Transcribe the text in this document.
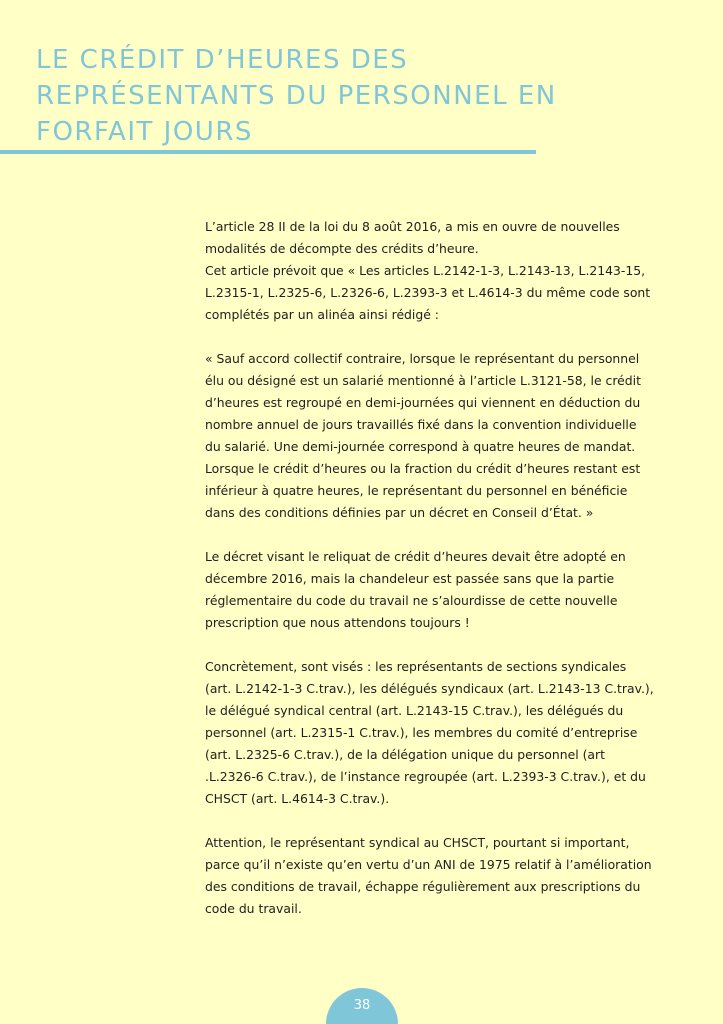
LE CRÉDIT D’HEURES DES
REPRÉSENTANTS DU PERSONNEL EN
FORFAIT JOURS

L’article 28 II de la loi du 8 août 2016, a mis en ouvre de nouvelles
modalités de décompte des crédits d’heure.
Cet article prévoit que « Les articles L.2142-1-3, L.2143-13, L.2143-15,
L.2315-1, L.2325-6, L.2326-6, L.2393-3 et L.4614-3 du même code sont
complétés par un alinéa ainsi rédigé :

« Sauf accord collectif contraire, lorsque le représentant du personnel
élu ou désigné est un salarié mentionné à l’article L.3121-58, le crédit
d’heures est regroupé en demi-journées qui viennent en déduction du
nombre annuel de jours travaillés fixé dans la convention individuelle
du salarié. Une demi-journée correspond à quatre heures de mandat.
Lorsque le crédit d’heures ou la fraction du crédit d’heures restant est
inférieur à quatre heures, le représentant du personnel en bénéficie
dans des conditions définies par un décret en Conseil d’État. »

Le décret visant le reliquat de crédit d’heures devait être adopté en
décembre 2016, mais la chandeleur est passée sans que la partie
réglementaire du code du travail ne s’alourdisse de cette nouvelle
prescription que nous attendons toujours !

Concrètement, sont visés : les représentants de sections syndicales
(art. L.2142-1-3 C.trav.), les délégués syndicaux (art. L.2143-13 C.trav.),
le délégué syndical central (art. L.2143-15 C.trav.), les délégués du
personnel (art. L.2315-1 C.trav.), les membres du comité d’entreprise
(art. L.2325-6 C.trav.), de la délégation unique du personnel (art
.L.2326-6 C.trav.), de l’instance regroupée (art. L.2393-3 C.trav.), et du
CHSCT (art. L.4614-3 C.trav.).

Attention, le représentant syndical au CHSCT, pourtant si important,
parce qu’il n’existe qu’en vertu d’un ANI de 1975 relatif à l’amélioration
des conditions de travail, échappe régulièrement aux prescriptions du
code du travail.

38
